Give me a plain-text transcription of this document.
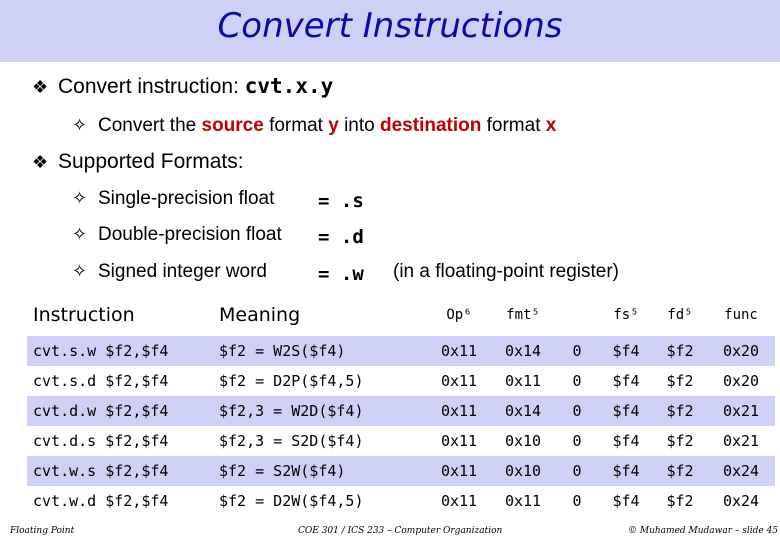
Convert Instructions
❖ Convert instruction: cvt.x.y
✧ Convert the source format y into destination format x
❖ Supported Formats:
✧ Single-precision float = .s
✧ Double-precision float = .d
✧ Signed integer word	= .w (in a floating-point register)
Instruction	Meaning	Op⁶	fmt⁵		fs⁵	fd⁵	func
cvt.s.w $f2,$f4	$f2 = W2S($f4)	0x11	0x14	0	$f4	$f2	0x20
cvt.s.d $f2,$f4	$f2 = D2P($f4,5)	0x11	0x11	0	$f4	$f2	0x20
cvt.d.w $f2,$f4	$f2,3 = W2D($f4)	0x11	0x14	0	$f4	$f2	0x21
cvt.d.s $f2,$f4	$f2,3 = S2D($f4)	0x11	0x10	0	$f4	$f2	0x21
cvt.w.s $f2,$f4	$f2 = S2W($f4)	0x11	0x10	0	$f4	$f2	0x24
cvt.w.d $f2,$f4	$f2 = D2W($f4,5)	0x11	0x11	0	$f4	$f2	0x24
Floating Point	COE 301 / ICS 233 – Computer Organization	© Muhamed Mudawar – slide 45
